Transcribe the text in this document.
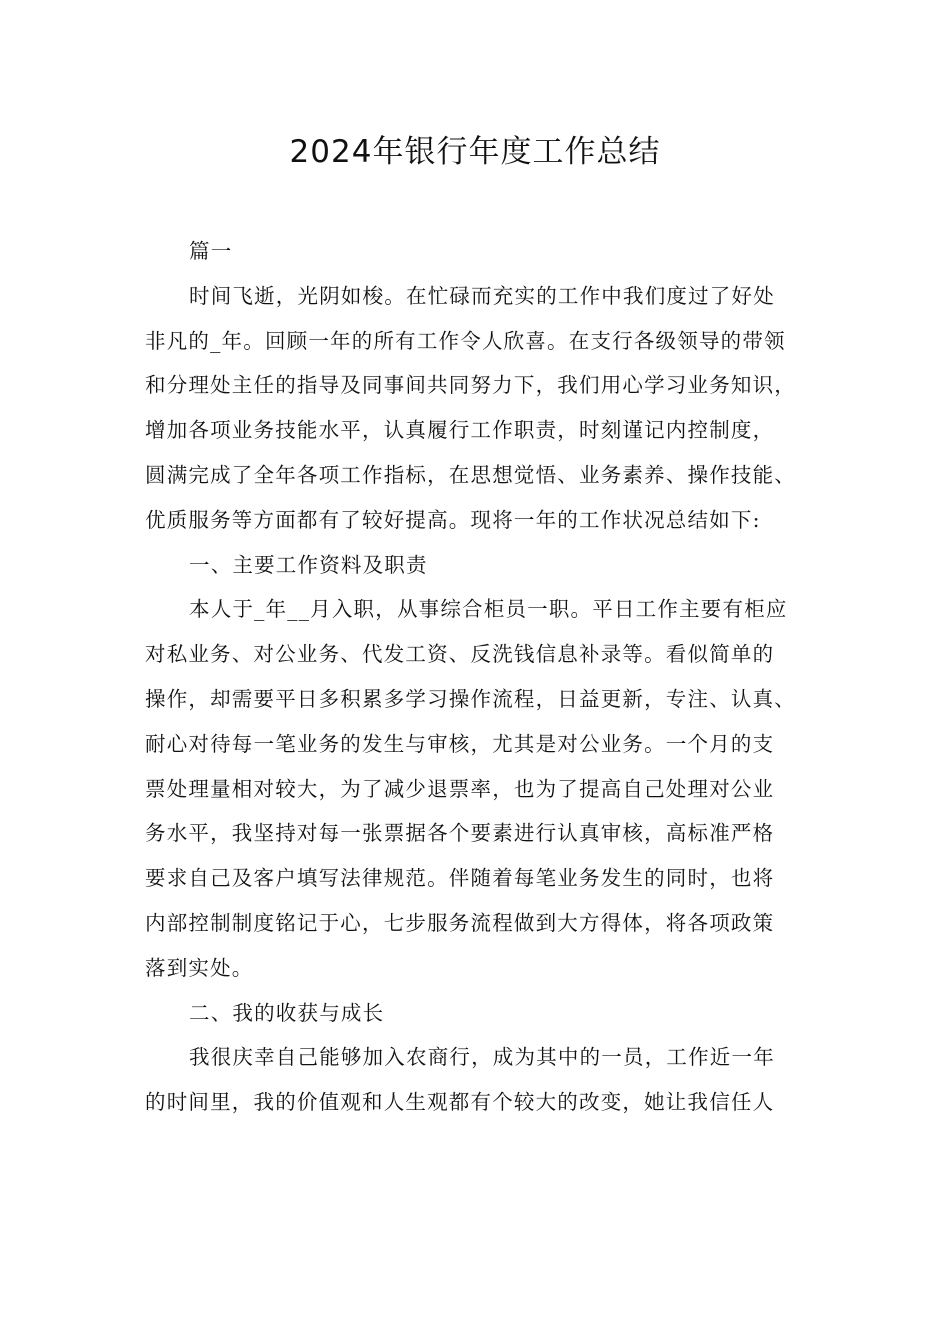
2024年银行年度工作总结
篇一
时间飞逝，光阴如梭。在忙碌而充实的工作中我们度过了好处
非凡的_年。回顾一年的所有工作令人欣喜。在支行各级领导的带领
和分理处主任的指导及同事间共同努力下，我们用心学习业务知识，
增加各项业务技能水平，认真履行工作职责，时刻谨记内控制度，
圆满完成了全年各项工作指标，在思想觉悟、业务素养、操作技能、
优质服务等方面都有了较好提高。现将一年的工作状况总结如下:
一、主要工作资料及职责
本人于_年__月入职，从事综合柜员一职。平日工作主要有柜应
对私业务、对公业务、代发工资、反洗钱信息补录等。看似简单的
操作，却需要平日多积累多学习操作流程，日益更新，专注、认真、
耐心对待每一笔业务的发生与审核，尤其是对公业务。一个月的支
票处理量相对较大，为了减少退票率，也为了提高自己处理对公业
务水平，我坚持对每一张票据各个要素进行认真审核，高标准严格
要求自己及客户填写法律规范。伴随着每笔业务发生的同时，也将
内部控制制度铭记于心，七步服务流程做到大方得体，将各项政策
落到实处。
二、我的收获与成长
我很庆幸自己能够加入农商行，成为其中的一员，工作近一年
的时间里，我的价值观和人生观都有个较大的改变，她让我信任人
